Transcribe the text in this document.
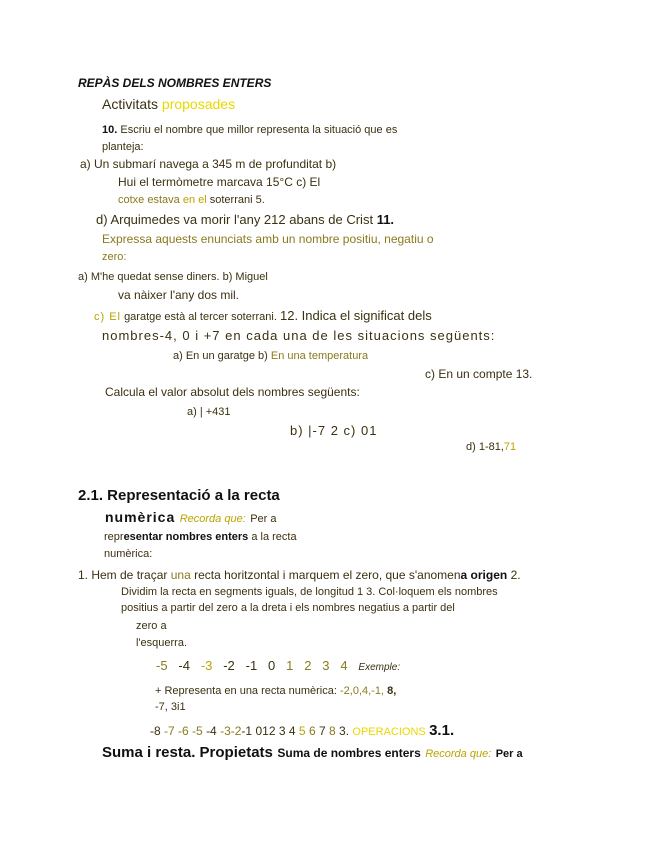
REPÀS DELS NOMBRES ENTERS
Activitats proposades
10. Escriu el nombre que millor representa la situació que es
planteja:
a) Un submarí navega a 345 m de profunditat b)
Hui el termòmetre marcava 15°C c) El
cotxe estava en el soterrani 5.
d) Arquimedes va morir l'any 212 abans de Crist 11.
Expressa aquests enunciats amb un nombre positiu, negatiu o
zero:
a) M'he quedat sense diners. b) Miguel
va nàixer l'any dos mil.
c) El garatge està al tercer soterrani. 12. Indica el significat dels
nombres-4, 0 i +7 en cada una de les situacions següents:
a) En un garatge b) En una temperatura
c) En un compte 13.
Calcula el valor absolut dels nombres següents:
a) | +431
b) |-7 2 c) 01
d) 1-81,71
2.1. Representació a la recta
numèrica Recorda que: Per a
representar nombres enters a la recta
numèrica:
1. Hem de traçar una recta horitzontal i marquem el zero, que s'anomena origen 2.
Dividim la recta en segments iguals, de longitud 1 3. Col·loquem els nombres
positius a partir del zero a la dreta i els nombres negatius a partir del
zero a
l'esquerra.
-5 -4 -3 -2 -1 0 1 2 3 4 Exemple:
+ Representa en una recta numèrica: -2,0,4,-1, 8,
-7, 3i1
-8 -7 -6 -5 -4 -3-2-1 012 3 4 5 6 7 8 3. OPERACIONS 3.1.
Suma i resta. Propietats Suma de nombres enters Recorda que: Per a
